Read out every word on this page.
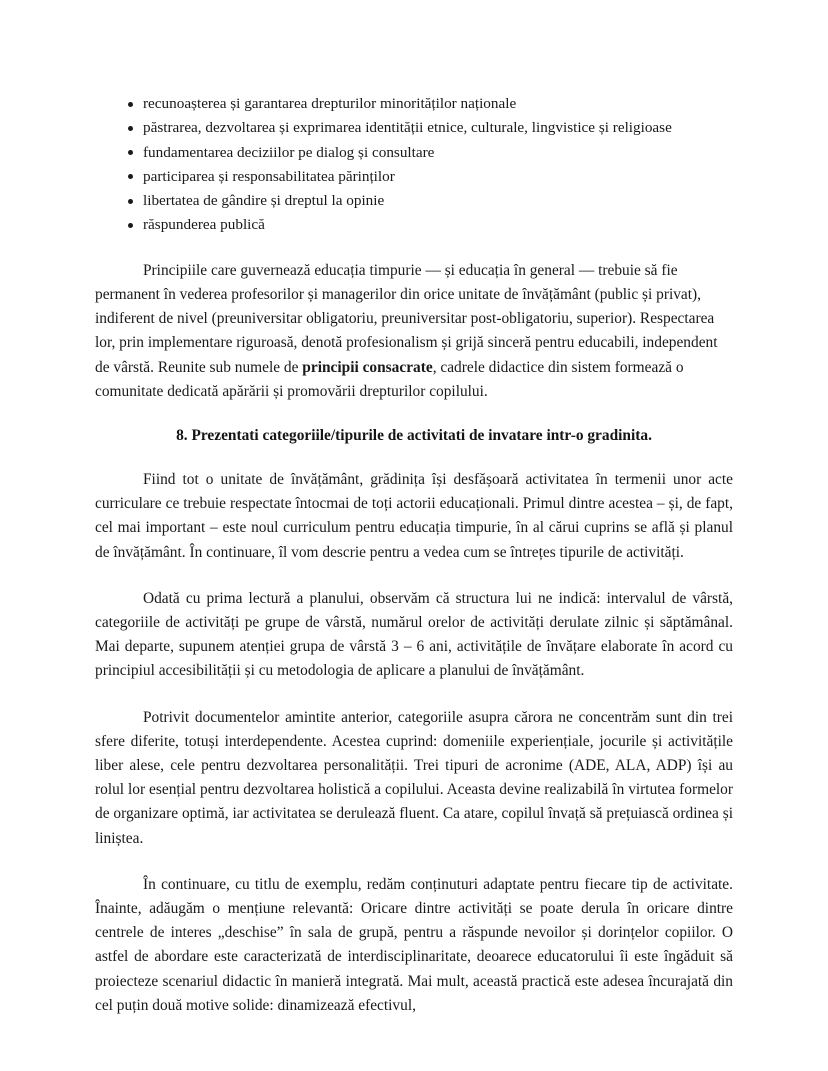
recunoașterea și garantarea drepturilor minorităților naționale
păstrarea, dezvoltarea și exprimarea identității etnice, culturale, lingvistice și religioase
fundamentarea deciziilor pe dialog și consultare
participarea și responsabilitatea părinților
libertatea de gândire și dreptul la opinie
răspunderea publică

Principiile care guvernează educația timpurie — și educația în general — trebuie să fie permanent în vederea profesorilor și managerilor din orice unitate de învățământ (public și privat), indiferent de nivel (preuniversitar obligatoriu, preuniversitar post-obligatoriu, superior). Respectarea lor, prin implementare riguroasă, denotă profesionalism și grijă sinceră pentru educabili, independent de vârstă. Reunite sub numele de principii consacrate, cadrele didactice din sistem formează o comunitate dedicată apărării și promovării drepturilor copilului.

8. Prezentati categoriile/tipurile de activitati de invatare intr-o gradinita.

Fiind tot o unitate de învățământ, grădinița își desfășoară activitatea în termenii unor acte curriculare ce trebuie respectate întocmai de toți actorii educaționali. Primul dintre acestea – și, de fapt, cel mai important – este noul curriculum pentru educația timpurie, în al cărui cuprins se află și planul de învățământ. În continuare, îl vom descrie pentru a vedea cum se întrețes tipurile de activități.

Odată cu prima lectură a planului, observăm că structura lui ne indică: intervalul de vârstă, categoriile de activități pe grupe de vârstă, numărul orelor de activități derulate zilnic și săptămânal. Mai departe, supunem atenției grupa de vârstă 3 – 6 ani, activitățile de învățare elaborate în acord cu principiul accesibilității și cu metodologia de aplicare a planului de învățământ.

Potrivit documentelor amintite anterior, categoriile asupra cărora ne concentrăm sunt din trei sfere diferite, totuși interdependente. Acestea cuprind: domeniile experiențiale, jocurile și activitățile liber alese, cele pentru dezvoltarea personalității. Trei tipuri de acronime (ADE, ALA, ADP) își au rolul lor esențial pentru dezvoltarea holistică a copilului. Aceasta devine realizabilă în virtutea formelor de organizare optimă, iar activitatea se derulează fluent. Ca atare, copilul învață să prețuiască ordinea și liniștea.

În continuare, cu titlu de exemplu, redăm conținuturi adaptate pentru fiecare tip de activitate. Înainte, adăugăm o mențiune relevantă: Oricare dintre activități se poate derula în oricare dintre centrele de interes „deschise” în sala de grupă, pentru a răspunde nevoilor și dorințelor copiilor. O astfel de abordare este caracterizată de interdisciplinaritate, deoarece educatorului îi este îngăduit să proiecteze scenariul didactic în manieră integrată. Mai mult, această practică este adesea încurajată din cel puțin două motive solide: dinamizează efectivul,
